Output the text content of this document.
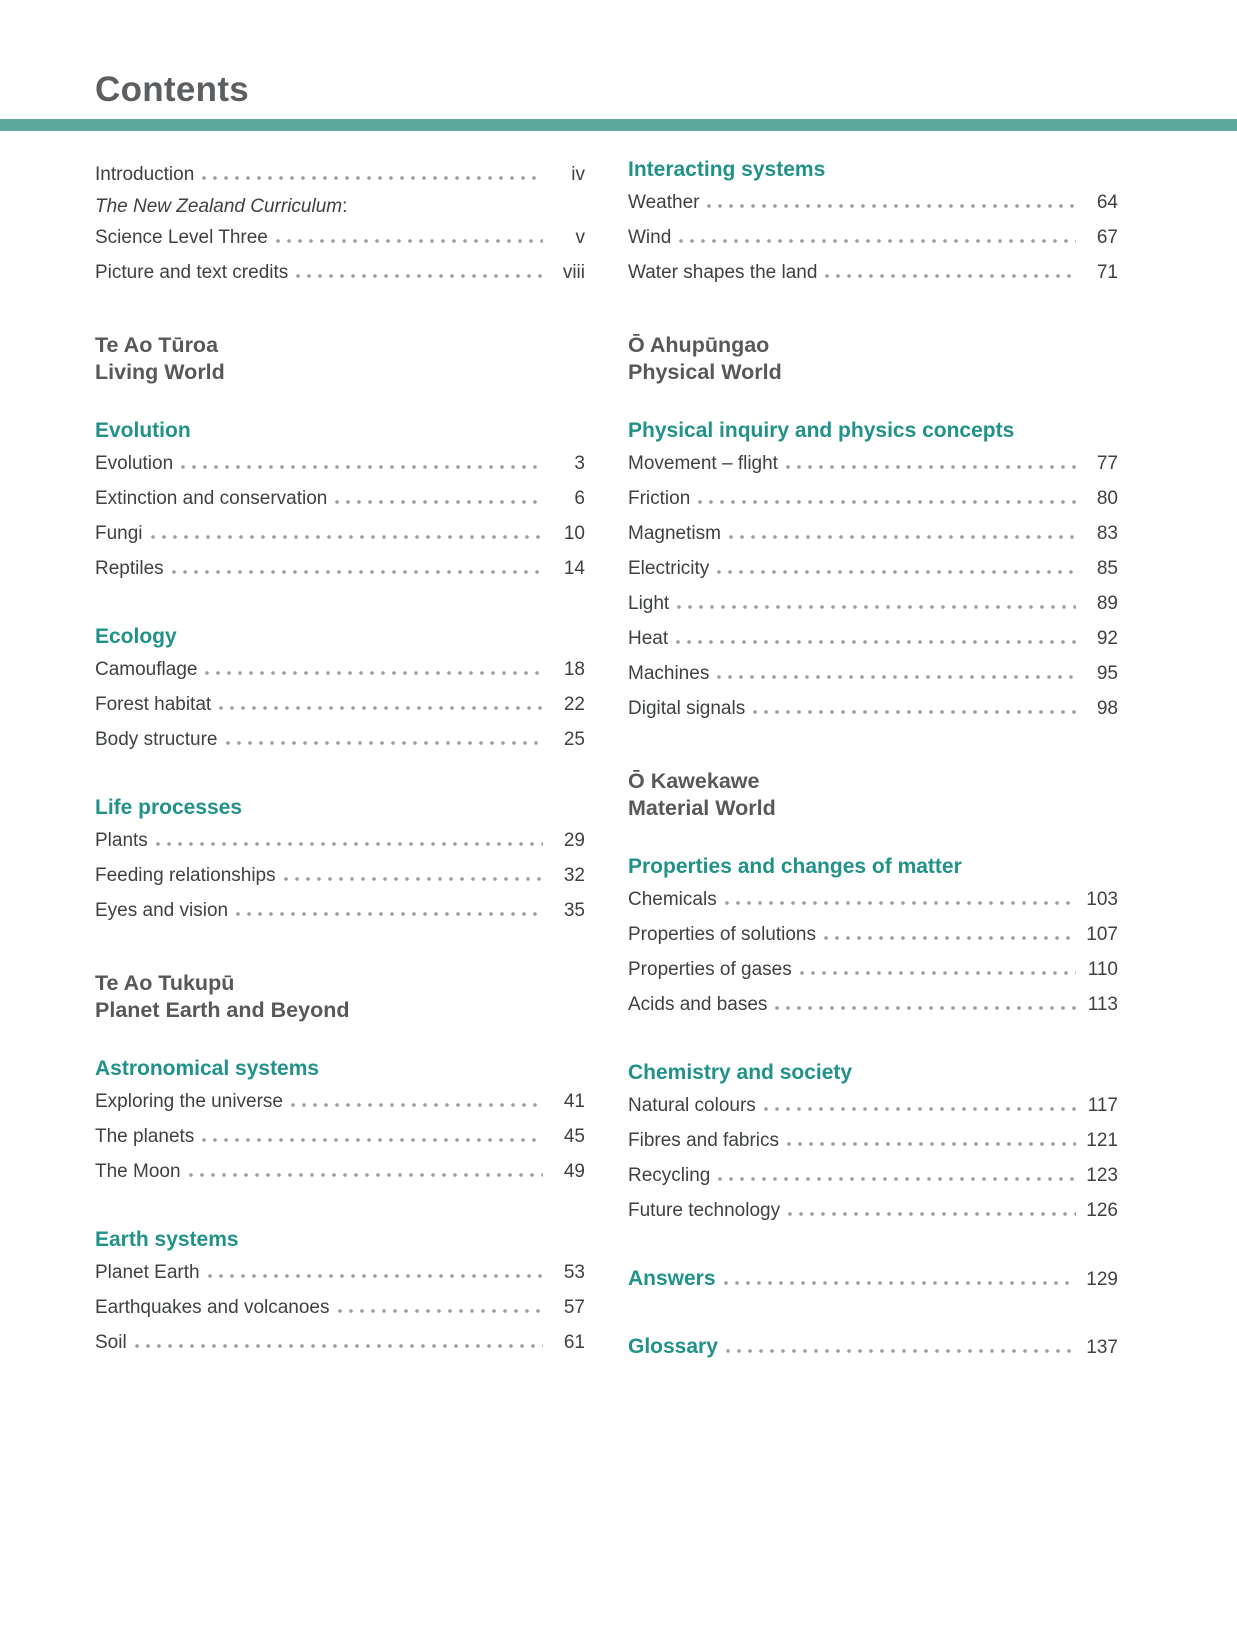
Contents
Introduction	iv
The New Zealand Curriculum:
Science Level Three	v
Picture and text credits	viii
Te Ao Tūroa
Living World
Evolution
Evolution	3
Extinction and conservation	6
Fungi	10
Reptiles	14
Ecology
Camouflage	18
Forest habitat	22
Body structure	25
Life processes
Plants	29
Feeding relationships	32
Eyes and vision	35
Te Ao Tukupū
Planet Earth and Beyond
Astronomical systems
Exploring the universe	41
The planets	45
The Moon	49
Earth systems
Planet Earth	53
Earthquakes and volcanoes	57
Soil	61
Interacting systems
Weather	64
Wind	67
Water shapes the land	71
Ō Ahupūngao
Physical World
Physical inquiry and physics concepts
Movement – flight	77
Friction	80
Magnetism	83
Electricity	85
Light	89
Heat	92
Machines	95
Digital signals	98
Ō Kawekawe
Material World
Properties and changes of matter
Chemicals	103
Properties of solutions	107
Properties of gases	110
Acids and bases	113
Chemistry and society
Natural colours	117
Fibres and fabrics	121
Recycling	123
Future technology	126
Answers	129
Glossary	137
